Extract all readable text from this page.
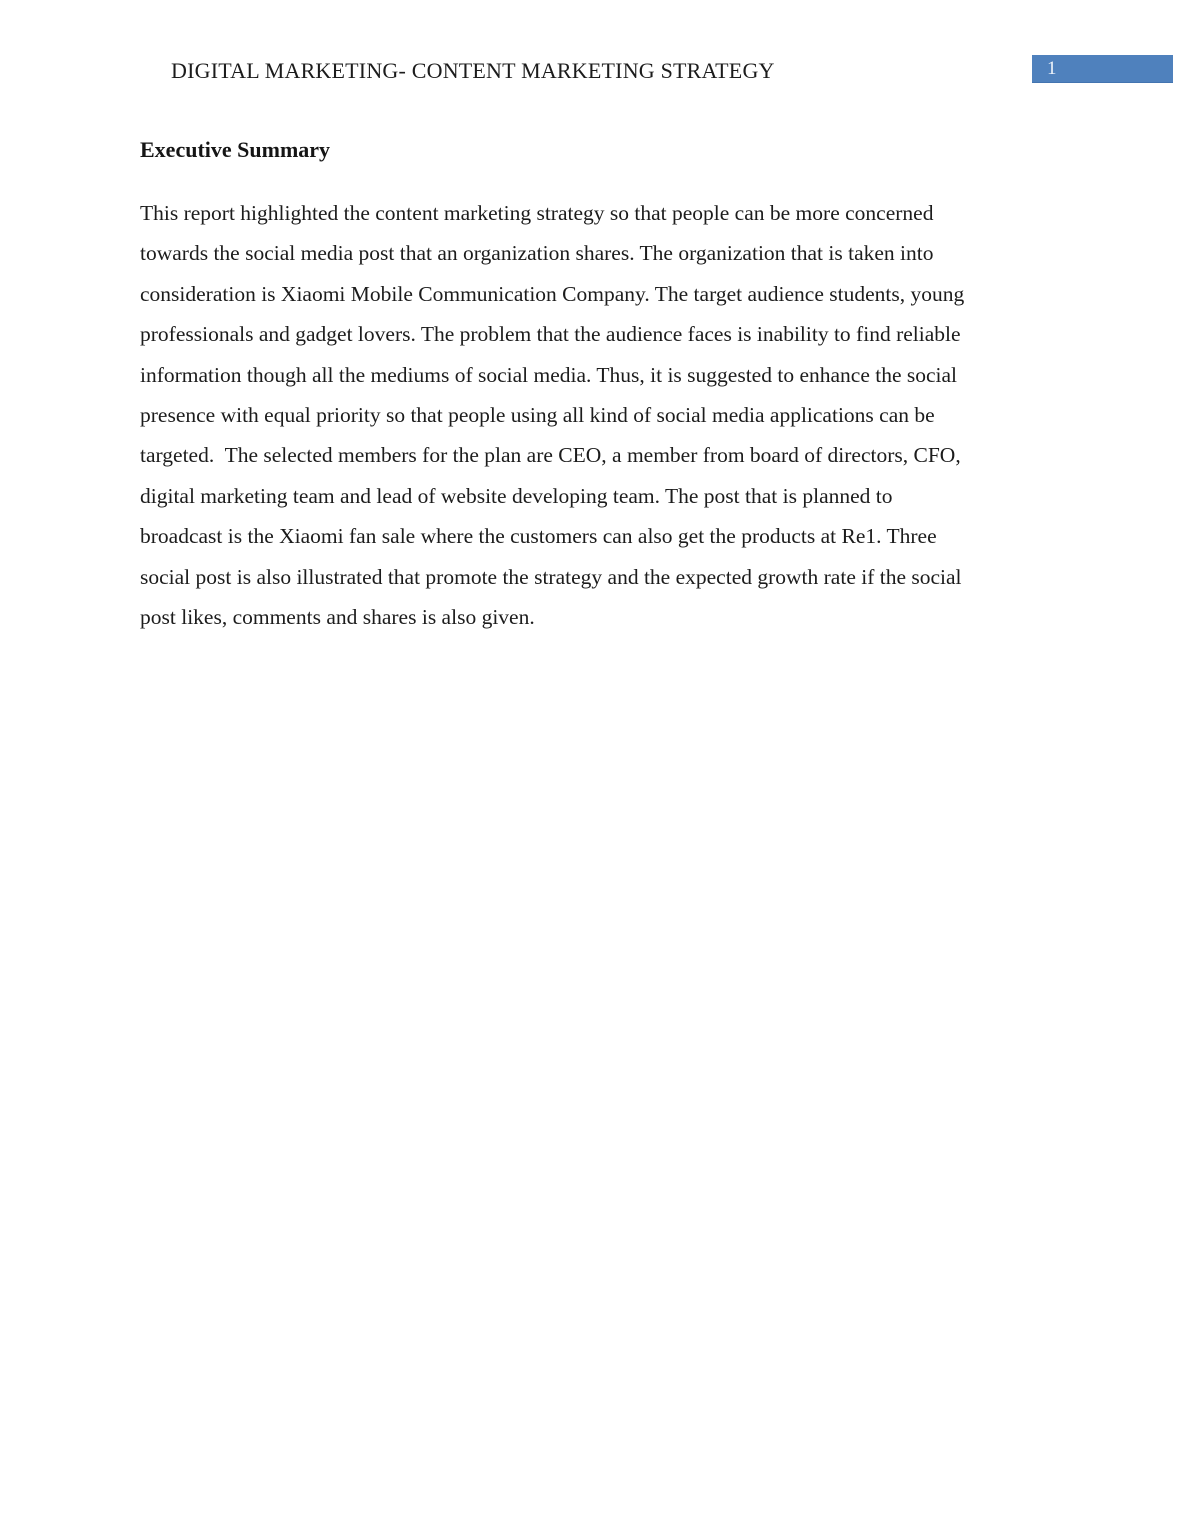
DIGITAL MARKETING- CONTENT MARKETING STRATEGY	1
Executive Summary
This report highlighted the content marketing strategy so that people can be more concerned
towards the social media post that an organization shares. The organization that is taken into
consideration is Xiaomi Mobile Communication Company. The target audience students, young
professionals and gadget lovers. The problem that the audience faces is inability to find reliable
information though all the mediums of social media. Thus, it is suggested to enhance the social
presence with equal priority so that people using all kind of social media applications can be
targeted.  The selected members for the plan are CEO, a member from board of directors, CFO,
digital marketing team and lead of website developing team. The post that is planned to
broadcast is the Xiaomi fan sale where the customers can also get the products at Re1. Three
social post is also illustrated that promote the strategy and the expected growth rate if the social
post likes, comments and shares is also given.
